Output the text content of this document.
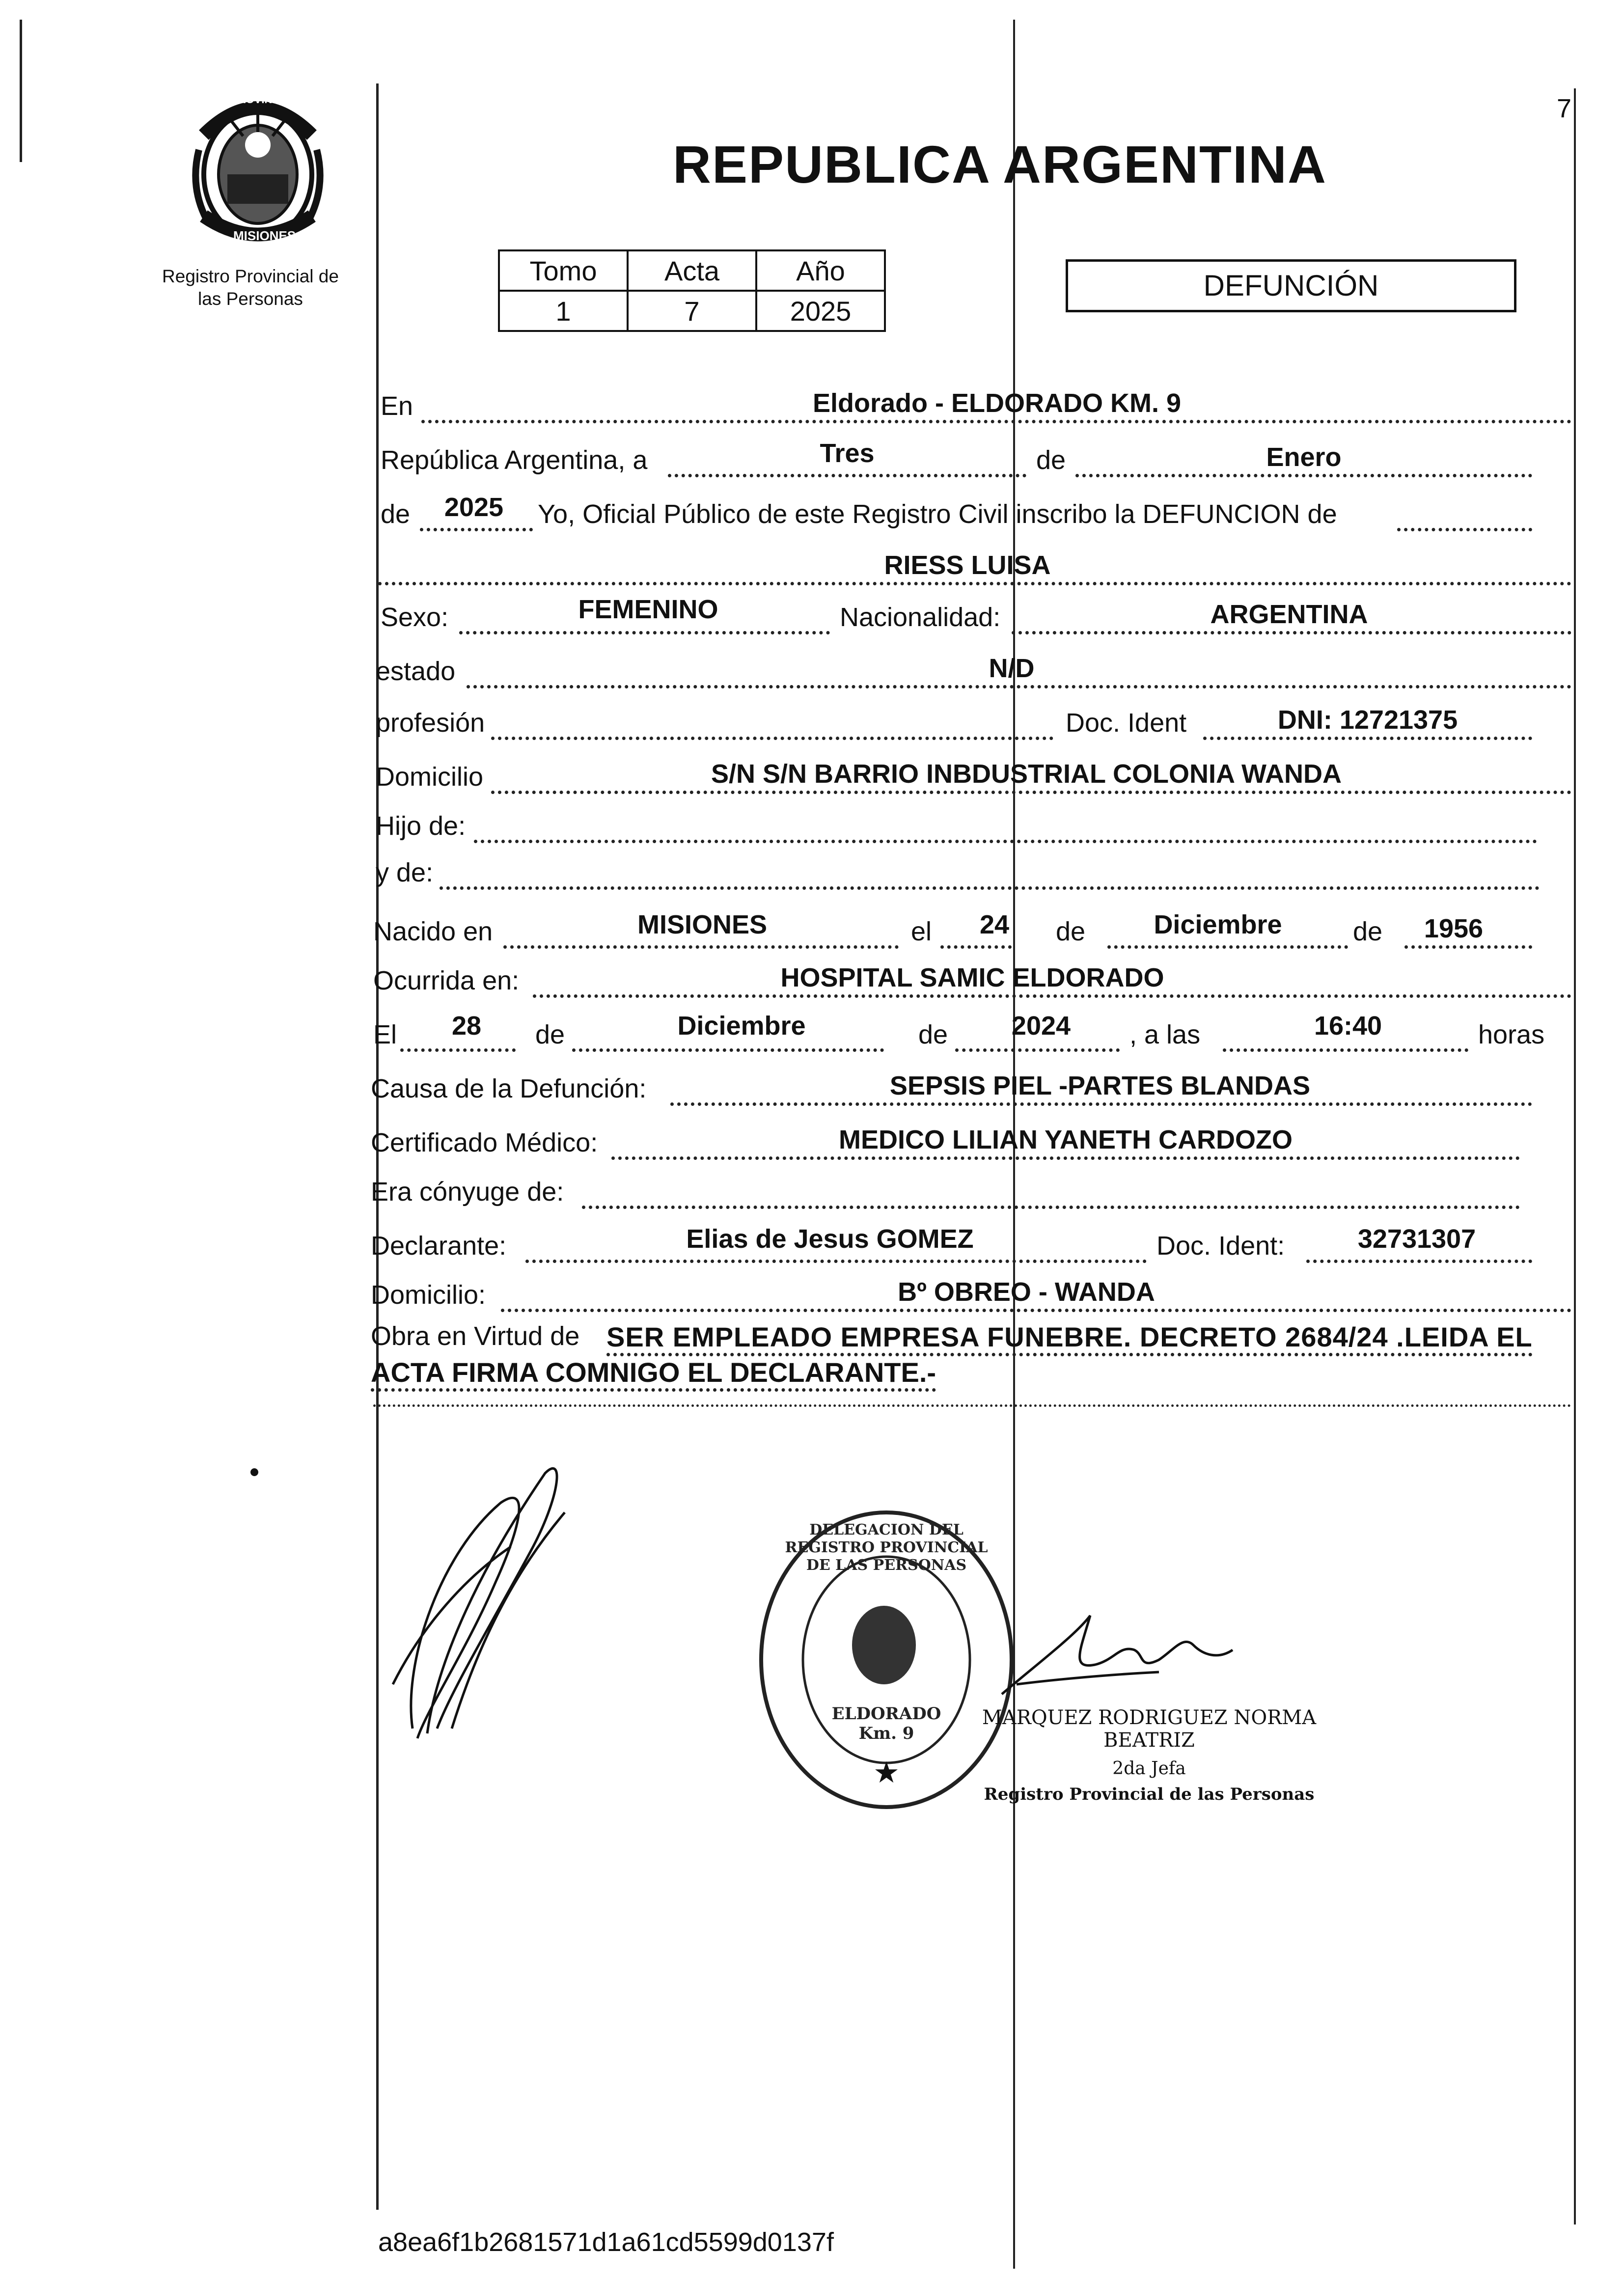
7
PROVINCIA DE
MISIONES
Registro Provincial de
las Personas
REPUBLICA ARGENTINA
Tomo	Acta	Año
1	7	2025
DEFUNCIÓN
En	Eldorado - ELDORADO KM. 9
República Argentina, a	Tres	de	Enero
de 2025 Yo, Oficial Público de este Registro Civil inscribo la DEFUNCION de
RIESS LUISA
Sexo:	FEMENINO	Nacionalidad:	ARGENTINA
estado	N/D
profesión	Doc. Ident	DNI: 12721375
Domicilio	S/N S/N BARRIO INBDUSTRIAL COLONIA WANDA
Hijo de:
y de:
Nacido en	MISIONES	el 24 de	Diciembre	de 1956
Ocurrida en:	HOSPITAL SAMIC ELDORADO
El 28 de	Diciembre	de 2024 , a las	16:40	horas
Causa de la Defunción:	SEPSIS PIEL -PARTES BLANDAS
Certificado Médico:	MEDICO LILIAN YANETH CARDOZO
Era cónyuge de:
Declarante:	Elias de Jesus GOMEZ	Doc. Ident:	32731307
Domicilio:	Bº OBREO - WANDA
Obra en Virtud de SER EMPLEADO EMPRESA FUNEBRE. DECRETO 2684/24 .LEIDA EL
ACTA FIRMA COMNIGO EL DECLARANTE.-
★
DELEGACION DEL REGISTRO PROVINCIAL DE LAS PERSONAS
ELDORADO Km. 9
MARQUEZ RODRIGUEZ NORMA BEATRIZ
2da Jefa
Registro Provincial de las Personas
a8ea6f1b2681571d1a61cd5599d0137f
